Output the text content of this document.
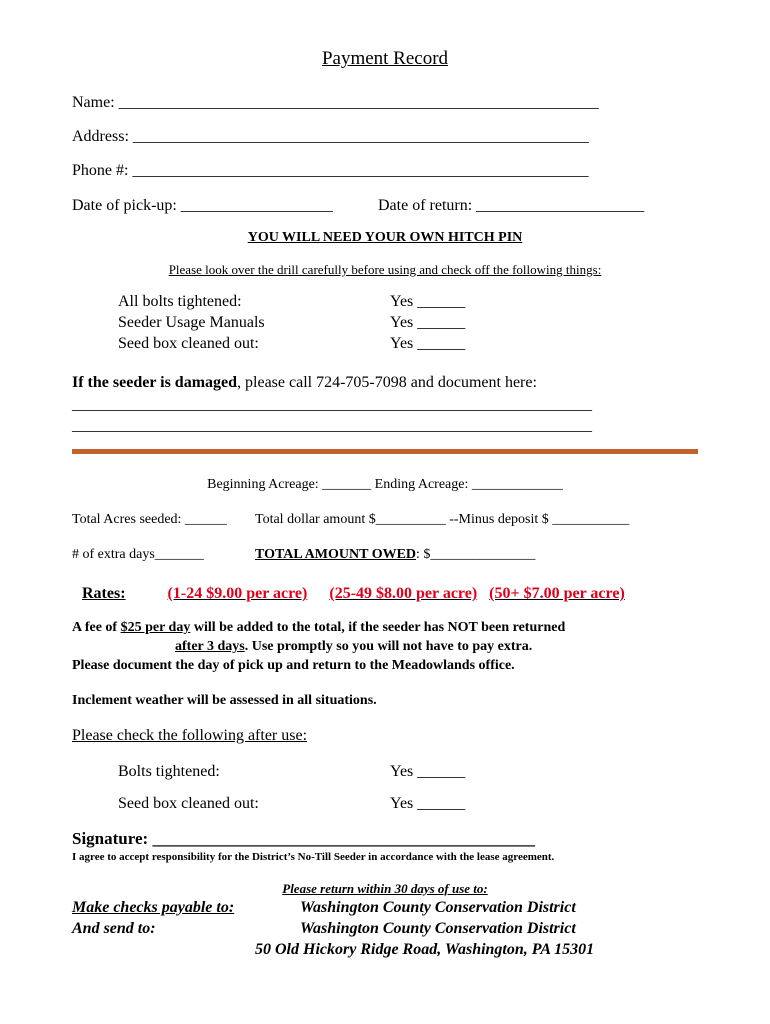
Payment Record
Name: ____________________________________________________________
Address: _________________________________________________________
Phone #: _________________________________________________________
Date of pick-up: ___________________	Date of return: _____________________
YOU WILL NEED YOUR OWN HITCH PIN
Please look over the drill carefully before using and check off the following things:
All bolts tightened:	Yes ______
Seeder Usage Manuals	Yes ______
Seed box cleaned out:	Yes ______
If the seeder is damaged, please call 724-705-7098 and document here:
_________________________________________________________________
_________________________________________________________________
Beginning Acreage: _______ Ending Acreage: _____________
Total Acres seeded: ______ Total dollar amount $__________ --Minus deposit $ ___________
# of extra days_______	TOTAL AMOUNT OWED: $_______________
Rates:	(1-24 $9.00 per acre) (25-49 $8.00 per acre) (50+ $7.00 per acre)
A fee of $25 per day will be added to the total, if the seeder has NOT been returned
after 3 days. Use promptly so you will not have to pay extra.
Please document the day of pick up and return to the Meadowlands office.
Inclement weather will be assessed in all situations.
Please check the following after use:
Bolts tightened:	Yes ______
Seed box cleaned out:	Yes ______
Signature: _____________________________________________
I agree to accept responsibility for the District’s No-Till Seeder in accordance with the lease agreement.
Please return within 30 days of use to:
Make checks payable to:	Washington County Conservation District
And send to:	Washington County Conservation District
50 Old Hickory Ridge Road, Washington, PA 15301
